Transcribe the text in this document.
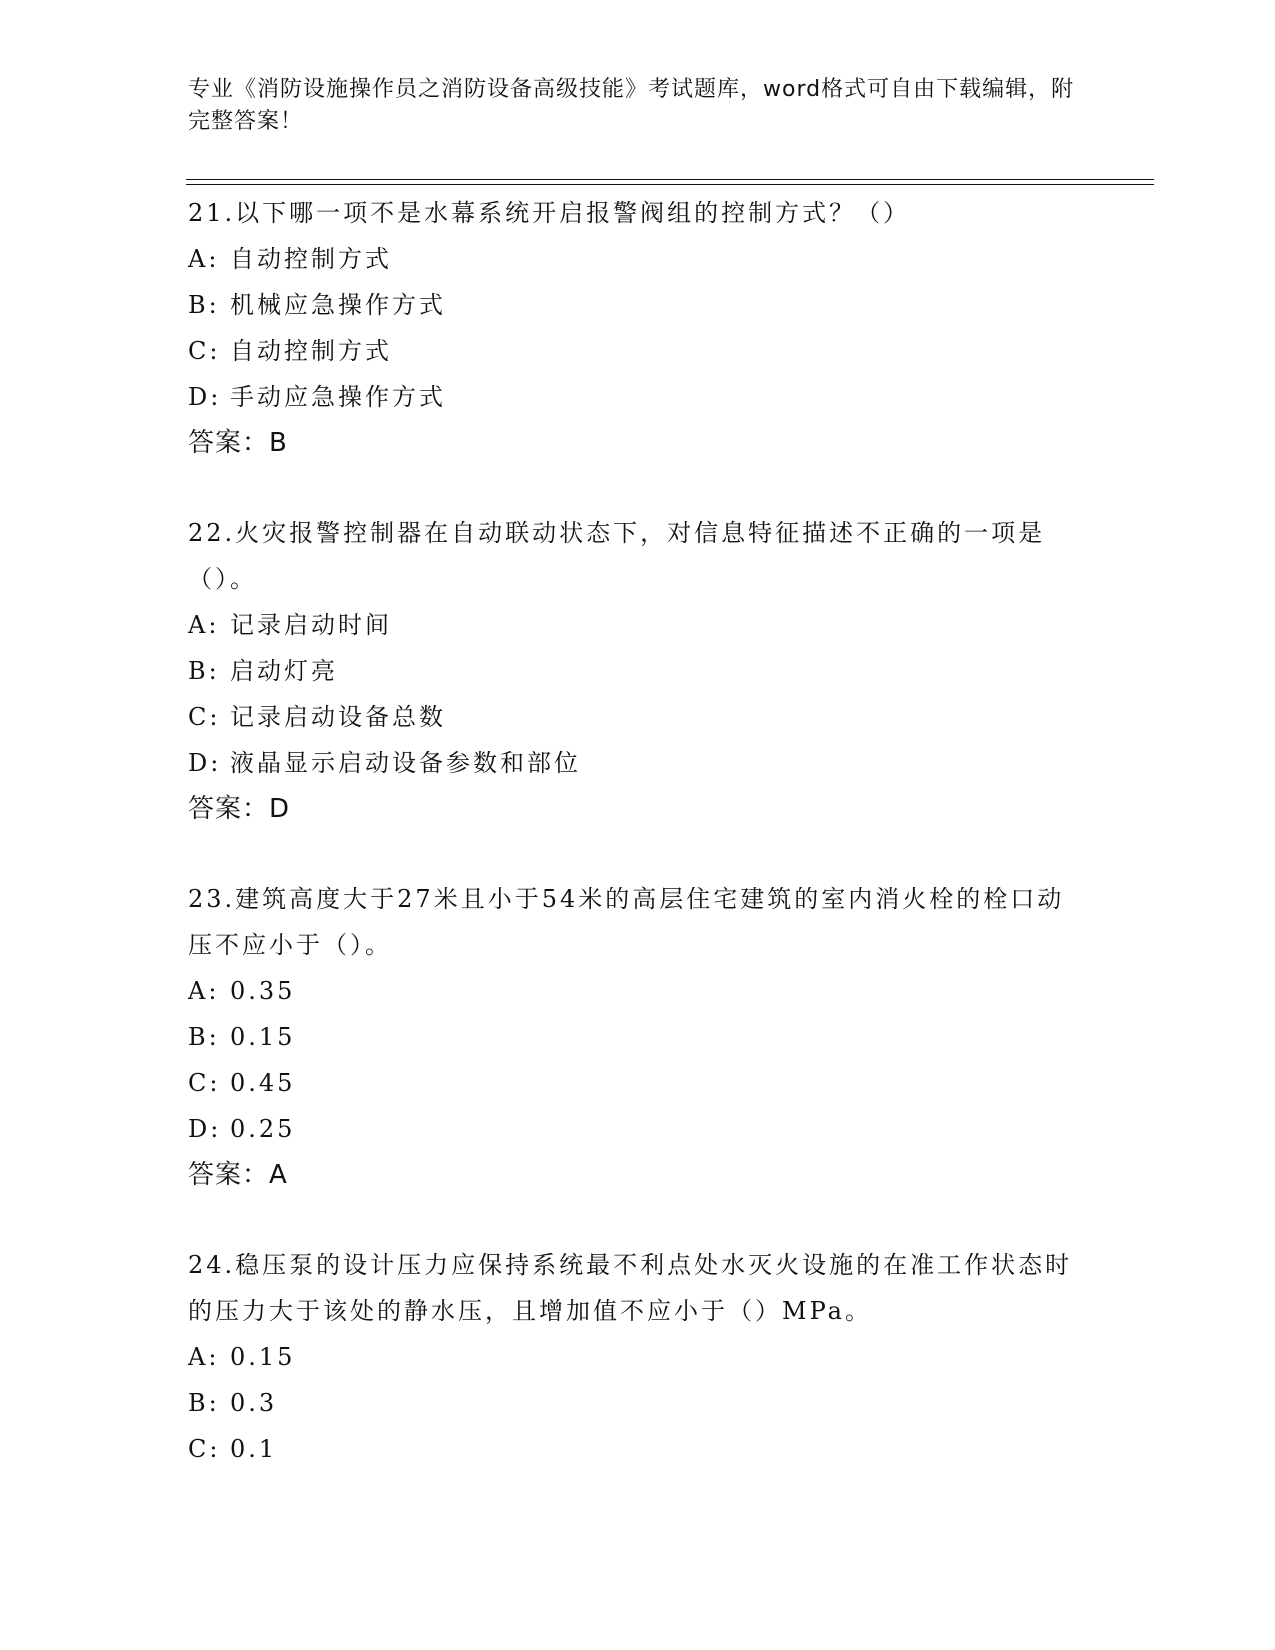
专业《消防设施操作员之消防设备高级技能》考试题库，word格式可自由下载编辑，附完整答案！

21.以下哪一项不是水幕系统开启报警阀组的控制方式？（）

A: 自动控制方式
B: 机械应急操作方式
C: 自动控制方式
D: 手动应急操作方式
答案：B

22.火灾报警控制器在自动联动状态下，对信息特征描述不正确的一项是（）。

A: 记录启动时间
B: 启动灯亮
C: 记录启动设备总数
D: 液晶显示启动设备参数和部位
答案：D

23.建筑高度大于27米且小于54米的高层住宅建筑的室内消火栓的栓口动压不应小于（）。

A: 0.35
B: 0.15
C: 0.45
D: 0.25
答案：A

24.稳压泵的设计压力应保持系统最不利点处水灭火设施的在准工作状态时的压力大于该处的静水压，且增加值不应小于（）MPa。

A: 0.15
B: 0.3
C: 0.1
